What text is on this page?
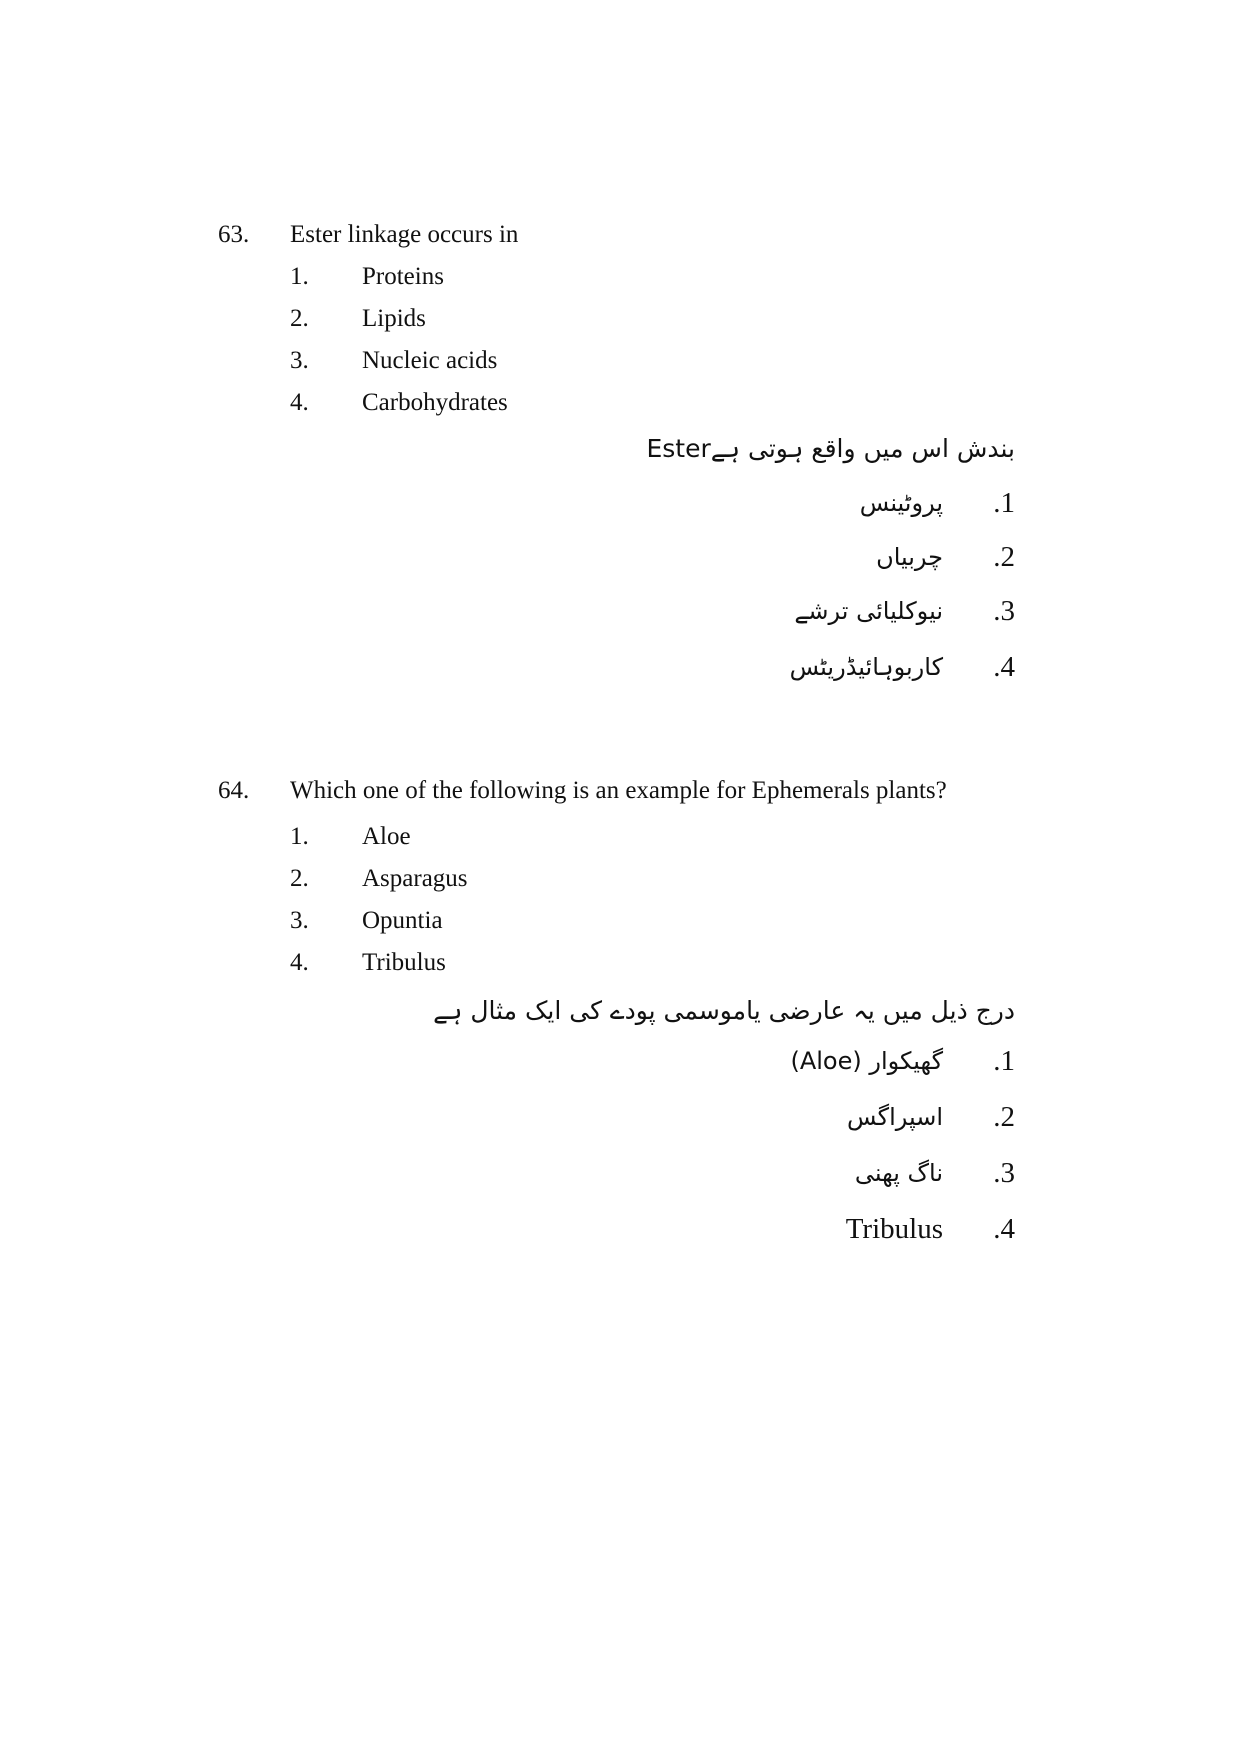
63. Ester linkage occurs in
1. Proteins
2. Lipids
3. Nucleic acids
4. Carbohydrates
Esterبندش اس میں واقع ہوتی ہے
.1
پروٹینس
.2
چربیاں
.3
نیوکلیائی ترشے
.4
کاربوہائیڈریٹس
64. Which one of the following is an example for Ephemerals plants?
1. Aloe
2. Asparagus
3. Opuntia
4. Tribulus
درج ذیل میں یہ عارضی یاموسمی پودے کی ایک مثال ہے
.1
گھیکوار (Aloe)
.2
اسپراگس
.3
ناگ پھنی
.4
Tribulus
